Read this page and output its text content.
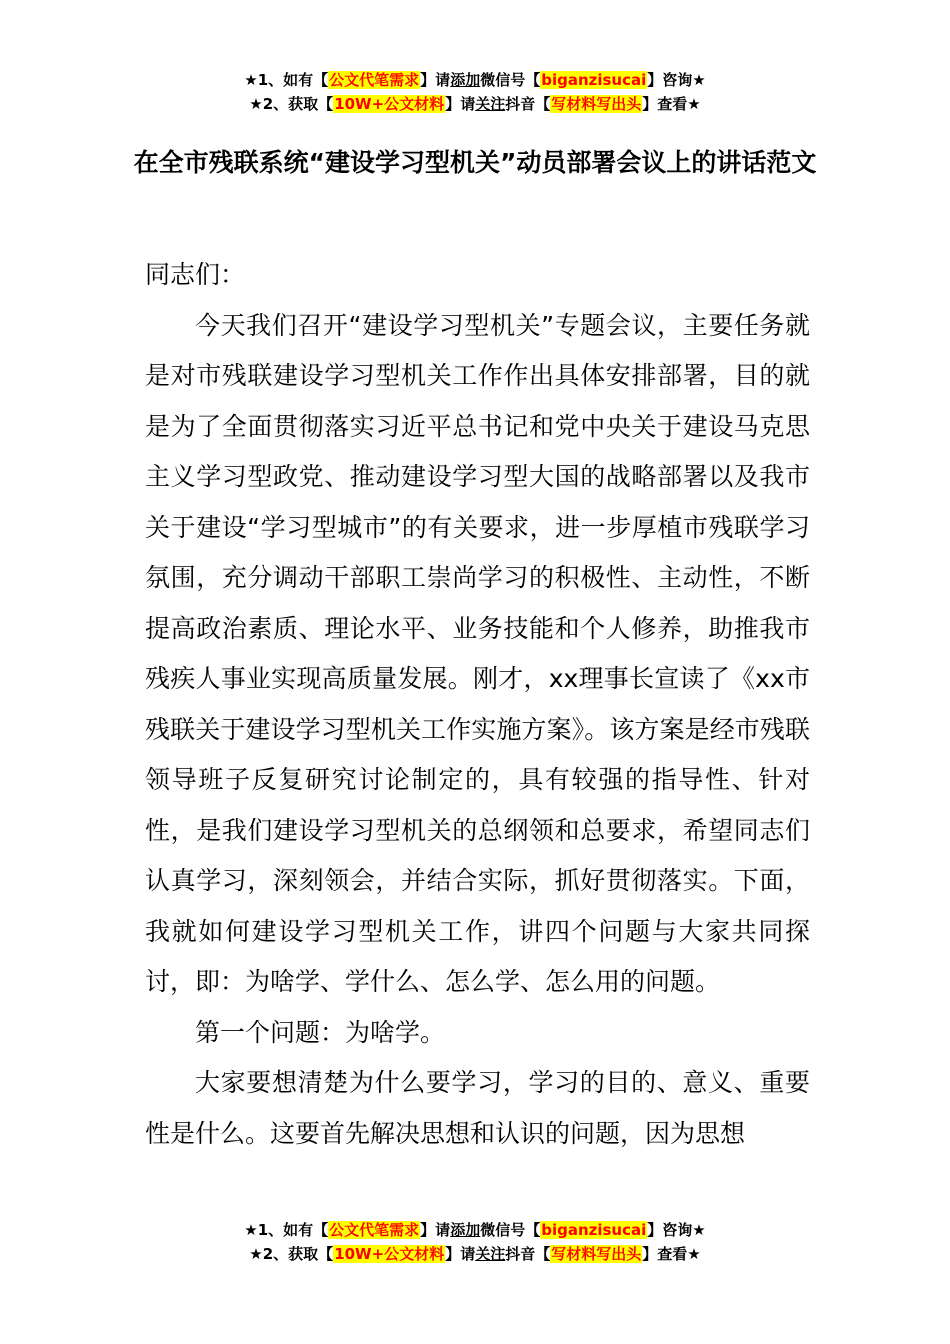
★1、如有【公文代笔需求】请添加微信号【biganzisucai】咨询★
★2、获取【10W+公文材料】请关注抖音【写材料写出头】查看★
在全市残联系统“建设学习型机关”动员部署会议上的讲话范文

同志们：

今天我们召开“建设学习型机关”专题会议，主要任务就是对市残联建设学习型机关工作作出具体安排部署，目的就是为了全面贯彻落实习近平总书记和党中央关于建设马克思主义学习型政党、推动建设学习型大国的战略部署以及我市关于建设“学习型城市”的有关要求，进一步厚植市残联学习氛围，充分调动干部职工崇尚学习的积极性、主动性，不断提高政治素质、理论水平、业务技能和个人修养，助推我市残疾人事业实现高质量发展。刚才，xx理事长宣读了《xx市残联关于建设学习型机关工作实施方案》。该方案是经市残联领导班子反复研究讨论制定的，具有较强的指导性、针对性，是我们建设学习型机关的总纲领和总要求，希望同志们认真学习，深刻领会，并结合实际，抓好贯彻落实。下面，我就如何建设学习型机关工作，讲四个问题与大家共同探讨，即：为啥学、学什么、怎么学、怎么用的问题。

第一个问题：为啥学。

大家要想清楚为什么要学习，学习的目的、意义、重要性是什么。这要首先解决思想和认识的问题，因为思想

★1、如有【公文代笔需求】请添加微信号【biganzisucai】咨询★
★2、获取【10W+公文材料】请关注抖音【写材料写出头】查看★
